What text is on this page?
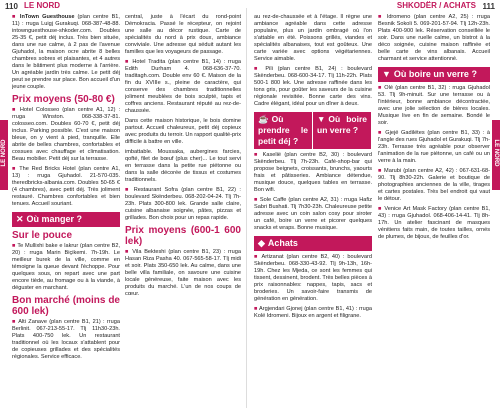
110 LE NORD	SHKODËR / ACHATS 111
LE NORD	LE NORD
■ InTown Guesthouse (plan centre B1, 11) : rruga Luigj Gurakuqi. 068-387-48-88. intownguesthouse-shkoder.com. Doubles 25-35 €, petit déj inclus. Très bien située, dans une rue calme, à 2 pas de l'avenue Gjuhadol, la maison ocre abrite 8 belles chambres sobres et plaisantes, et 4 autres dans le bâtiment plus moderne à l'arrière. Un agréable jardin très calme. Le petit déj peut se prendre sur place. Bon accueil d'un jeune couple.
Prix moyens (50-80 €)
■ Hotel Colosseo (plan centre A1, 12) : rruga Winston. 068-338-37-81. colosseo.com. Doubles 60-70 €, petit déj inclus. Parking possible. C'est une maison bleue, on y vient à pied, tranquille. Elle abrite de belles chambres, confortables et cossues avec chauffage et climatisation. Beau mobilier. Petit déj sur la terrasse.
■ The Red Bricks Hotel (plan centre A1, 13) : rruga Gjuhadol. 21-570-035. theredbricks-albania.com. Doubles 50-65 € (4 chambres), avec petit déj. Très joliment restauré. Chambres confortables et bien tenues. Accueil souriant.
✕ Où manger ?
Sur le pouce
■ Te Mullixhi bake e lakrur (plan centre B2, 20) : rruga Marin Biçikemi. 7h-19h. Le meilleur burek de la ville, comme en témoigne la queue devant l'échoppe. Pour quelques sous, on repart avec une part encore tiède, au fromage ou à la viande, à déguster en marchant.
Bon marché (moins de 600 lek)
■ Alti Zanave (plan centre B1, 21) : rruga Berlinit. 067-213-55-17. Tlj 11h30-23h. Plats 400-750 lek. Un restaurant traditionnel où les locaux s'attablent pour de copieuses grillades et des spécialités régionales. Service efficace.
central, juste à l'écart du rond-point Démokracia. Passé le récepteur, on rejoint une salle au décor rustique. Carte de spécialités du nord à prix doux, ambiance conviviale. Une adresse qui séduit autant les familles que les voyageurs de passage.
■ Hotel Tradita (plan centre B1, 14) : rruga Edith Durham 4. 068-636-37-70. traditagh.com. Double env 60 €. Maison de la fin du XVIIIe s., pleine de caractère, qui conserve des chambres traditionnelles joliment meublées de bois sculpté, tapis et coffres anciens. Restaurant réputé au rez-de-chaussée.
Dans cette maison historique, le bois domine partout. Accueil chaleureux, petit déj copieux avec produits du terroir. Un rapport qualité-prix difficile à battre en ville.
imbattable. Moussaka, aubergines farcies, qofté, filet de bœuf (plus cher)... Le tout servi en terrasse dans la petite rue piétonne ou dans la salle décorée de tissus et costumes traditionnels.
■ Restaurant Sofra (plan centre B1, 22) : boulevard Skënderbeu. 068-202-04-24. Tlj 7h-23h. Plats 300-800 lek. Grande salle claire, cuisine albanaise soignée, pâtes, pizzas et grillades. Bon choix pour un repas rapide.
Prix moyens (600-1 600 lek)
■ Vila Bekteshi (plan centre B1, 23) : rruga Hasan Riza Pasha 40. 067-565-58-17. Tlj midi et soir. Plats 350-650 lek. Au calme, dans une belle villa familiale, on savoure une cuisine locale généreuse, faite maison avec les produits du marché. L'un de nos coups de cœur.
au rez-de-chaussée et à l'étage. Il règne une ambiance agréable dans cette adresse populaire, plus un jardin ombragé où l'on s'attable en été. Poissons grillés, viandes et spécialités albanaises, tout est goûteux. Une carte variée avec options végétariennes. Service aimable.
■ Pili (plan centre B1, 24) : boulevard Skënderbeu. 068-600-34-17. Tlj 11h-22h. Plats 500-1 800 lek. Une adresse raffinée dans les tons gris, pour goûter les saveurs de la cuisine régionale revisitée. Bonne carte des vins. Cadre élégant, idéal pour un dîner à deux.
☕ Où prendre le petit déj ?
▼ Où boire un verre ?
■ Kaselië (plan centre B2, 30) : boulevard Skënderbeu. Tlj 7h-23h. Café-shop-bar qui propose beignets, croissants, brunchs, yaourts frais et pâtisseries. Ambiance détendue, musique douce, quelques tables en terrasse. Bon wifi.
■ Sole Caffe (plan centre A2, 31) : rruga Hafiz Sabri Bushati. Tlj 7h30-23h. Chaleureuse petite adresse avec un coin salon cosy pour siroter un café, boire un verre et picorer quelques snacks et wraps. Bonne musique.
◆ Achats
■ Artizanat (plan centre B2, 40) : boulevard Skënderbeu. 068-330-43-92. Tlj 9h-13h, 16h-19h. Chez les Mjeda, ce sont les femmes qui tissent, dessinent, brodent. Très belles pièces à prix raisonnables: nappes, tapis, sacs et broderies. Un savoir-faire transmis de génération en génération.
■ Argjendari Gjonej (plan centre B1, 41) : rruga Kolë Idromeni. Bijoux en argent et filigrane.
■ Idromeno (plan centre A2, 25) : rruga Besnik Sokoli 5. 069-201-57-94. Tlj 12h-23h. Plats 400-900 lek. Réservation conseillée le soir. Dans une ruelle calme, un bistrot à la déco soignée, cuisine maison raffinée et belle carte de vins albanais. Accueil charmant et service attentionné.
▼ Où boire un verre ?
■ Olé (plan centre B1, 32) : rruga Gjuhadol 53. Tlj 9h-minuit. Sur une terrasse ou à l'intérieur, bonne ambiance décontractée, avec une jolie sélection de bières locales. Musique live en fin de semaine. Bondé le soir.
■ Gjejë Gadilëtes (plan centre B1, 33) : à l'angle des rues Gjuhadol et Gurakuqi. Tlj 7h-23h. Terrasse très agréable pour observer l'animation de la rue piétonne, un café ou un verre à la main.
■ Marubi (plan centre A2, 42) : 067-631-68-90. Tlj 8h30-22h. Galerie et boutique de photographies anciennes de la ville, tirages et cartes postales. Très bel endroit qui vaut le détour.
■ Venice Art Mask Factory (plan centre B1, 43) : rruga Gjuhadol. 068-406-14-41. Tlj 8h-17h. Un atelier fascinant de masques vénitiens faits main, de toutes tailles, ornés de plumes, de bijoux, de feuilles d'or.
